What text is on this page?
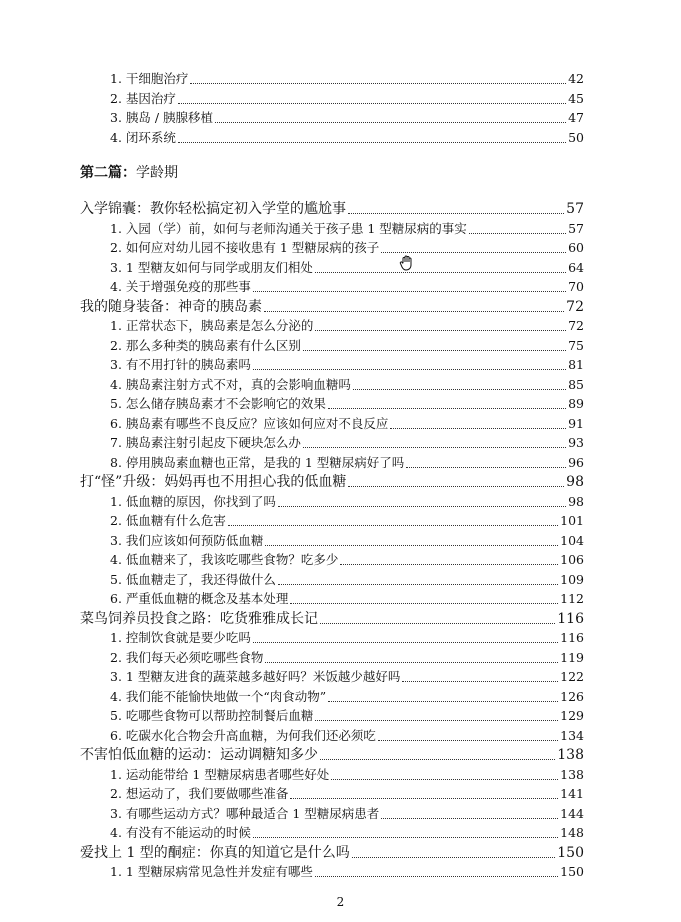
1. 干细胞治疗	42
2. 基因治疗	45
3. 胰岛 / 胰腺移植	47
4. 闭环系统	50
第二篇：学龄期
入学锦囊：教你轻松搞定初入学堂的尴尬事	57
1. 入园（学）前，如何与老师沟通关于孩子患 1 型糖尿病的事实	57
2. 如何应对幼儿园不接收患有 1 型糖尿病的孩子	60
3. 1 型糖友如何与同学或朋友们相处	64
4. 关于增强免疫的那些事	70
我的随身装备：神奇的胰岛素	72
1. 正常状态下，胰岛素是怎么分泌的	72
2. 那么多种类的胰岛素有什么区别	75
3. 有不用打针的胰岛素吗	81
4. 胰岛素注射方式不对，真的会影响血糖吗	85
5. 怎么储存胰岛素才不会影响它的效果	89
6. 胰岛素有哪些不良反应？应该如何应对不良反应	91
7. 胰岛素注射引起皮下硬块怎么办	93
8. 停用胰岛素血糖也正常，是我的 1 型糖尿病好了吗	96
打“怪”升级：妈妈再也不用担心我的低血糖	98
1. 低血糖的原因，你找到了吗	98
2. 低血糖有什么危害	101
3. 我们应该如何预防低血糖	104
4. 低血糖来了，我该吃哪些食物？吃多少	106
5. 低血糖走了，我还得做什么	109
6. 严重低血糖的概念及基本处理	112
菜鸟饲养员投食之路：吃货雅雅成长记	116
1. 控制饮食就是要少吃吗	116
2. 我们每天必须吃哪些食物	119
3. 1 型糖友进食的蔬菜越多越好吗？米饭越少越好吗	122
4. 我们能不能愉快地做一个“肉食动物”	126
5. 吃哪些食物可以帮助控制餐后血糖	129
6. 吃碳水化合物会升高血糖，为何我们还必须吃	134
不害怕低血糖的运动：运动调糖知多少	138
1. 运动能带给 1 型糖尿病患者哪些好处	138
2. 想运动了，我们要做哪些准备	141
3. 有哪些运动方式？哪种最适合 1 型糖尿病患者	144
4. 有没有不能运动的时候	148
爱找上 1 型的酮症：你真的知道它是什么吗	150
1. 1 型糖尿病常见急性并发症有哪些	150
2
